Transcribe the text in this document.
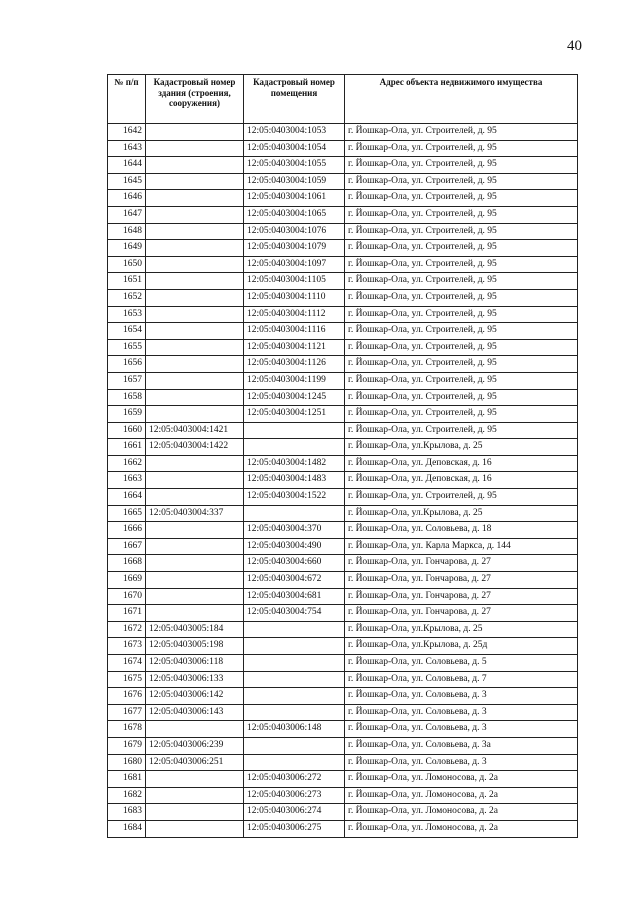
40
№ п/п	Кадастровый номер здания (строения, сооружения)	Кадастровый номер помещения	Адрес объекта недвижимого имущества
1642		12:05:0403004:1053	г. Йошкар-Ола, ул. Строителей, д. 95
1643		12:05:0403004:1054	г. Йошкар-Ола, ул. Строителей, д. 95
1644		12:05:0403004:1055	г. Йошкар-Ола, ул. Строителей, д. 95
1645		12:05:0403004:1059	г. Йошкар-Ола, ул. Строителей, д. 95
1646		12:05:0403004:1061	г. Йошкар-Ола, ул. Строителей, д. 95
1647		12:05:0403004:1065	г. Йошкар-Ола, ул. Строителей, д. 95
1648		12:05:0403004:1076	г. Йошкар-Ола, ул. Строителей, д. 95
1649		12:05:0403004:1079	г. Йошкар-Ола, ул. Строителей, д. 95
1650		12:05:0403004:1097	г. Йошкар-Ола, ул. Строителей, д. 95
1651		12:05:0403004:1105	г. Йошкар-Ола, ул. Строителей, д. 95
1652		12:05:0403004:1110	г. Йошкар-Ола, ул. Строителей, д. 95
1653		12:05:0403004:1112	г. Йошкар-Ола, ул. Строителей, д. 95
1654		12:05:0403004:1116	г. Йошкар-Ола, ул. Строителей, д. 95
1655		12:05:0403004:1121	г. Йошкар-Ола, ул. Строителей, д. 95
1656		12:05:0403004:1126	г. Йошкар-Ола, ул. Строителей, д. 95
1657		12:05:0403004:1199	г. Йошкар-Ола, ул. Строителей, д. 95
1658		12:05:0403004:1245	г. Йошкар-Ола, ул. Строителей, д. 95
1659		12:05:0403004:1251	г. Йошкар-Ола, ул. Строителей, д. 95
1660	12:05:0403004:1421		г. Йошкар-Ола, ул. Строителей, д. 95
1661	12:05:0403004:1422		г. Йошкар-Ола, ул.Крылова, д. 25
1662		12:05:0403004:1482	г. Йошкар-Ола, ул. Деповская, д. 16
1663		12:05:0403004:1483	г. Йошкар-Ола, ул. Деповская, д. 16
1664		12:05:0403004:1522	г. Йошкар-Ола, ул. Строителей, д. 95
1665	12:05:0403004:337		г. Йошкар-Ола, ул.Крылова, д. 25
1666		12:05:0403004:370	г. Йошкар-Ола, ул. Соловьева, д. 18
1667		12:05:0403004:490	г. Йошкар-Ола, ул. Карла Маркса, д. 144
1668		12:05:0403004:660	г. Йошкар-Ола, ул. Гончарова, д. 27
1669		12:05:0403004:672	г. Йошкар-Ола, ул. Гончарова, д. 27
1670		12:05:0403004:681	г. Йошкар-Ола, ул. Гончарова, д. 27
1671		12:05:0403004:754	г. Йошкар-Ола, ул. Гончарова, д. 27
1672	12:05:0403005:184		г. Йошкар-Ола, ул.Крылова, д. 25
1673	12:05:0403005:198		г. Йошкар-Ола, ул.Крылова, д. 25д
1674	12:05:0403006:118		г. Йошкар-Ола, ул. Соловьева, д. 5
1675	12:05:0403006:133		г. Йошкар-Ола, ул. Соловьева, д. 7
1676	12:05:0403006:142		г. Йошкар-Ола, ул. Соловьева, д. 3
1677	12:05:0403006:143		г. Йошкар-Ола, ул. Соловьева, д. 3
1678		12:05:0403006:148	г. Йошкар-Ола, ул. Соловьева, д. 3
1679	12:05:0403006:239		г. Йошкар-Ола, ул. Соловьева, д. 3а
1680	12:05:0403006:251		г. Йошкар-Ола, ул. Соловьева, д. 3
1681		12:05:0403006:272	г. Йошкар-Ола, ул. Ломоносова, д. 2а
1682		12:05:0403006:273	г. Йошкар-Ола, ул. Ломоносова, д. 2а
1683		12:05:0403006:274	г. Йошкар-Ола, ул. Ломоносова, д. 2а
1684		12:05:0403006:275	г. Йошкар-Ола, ул. Ломоносова, д. 2а
